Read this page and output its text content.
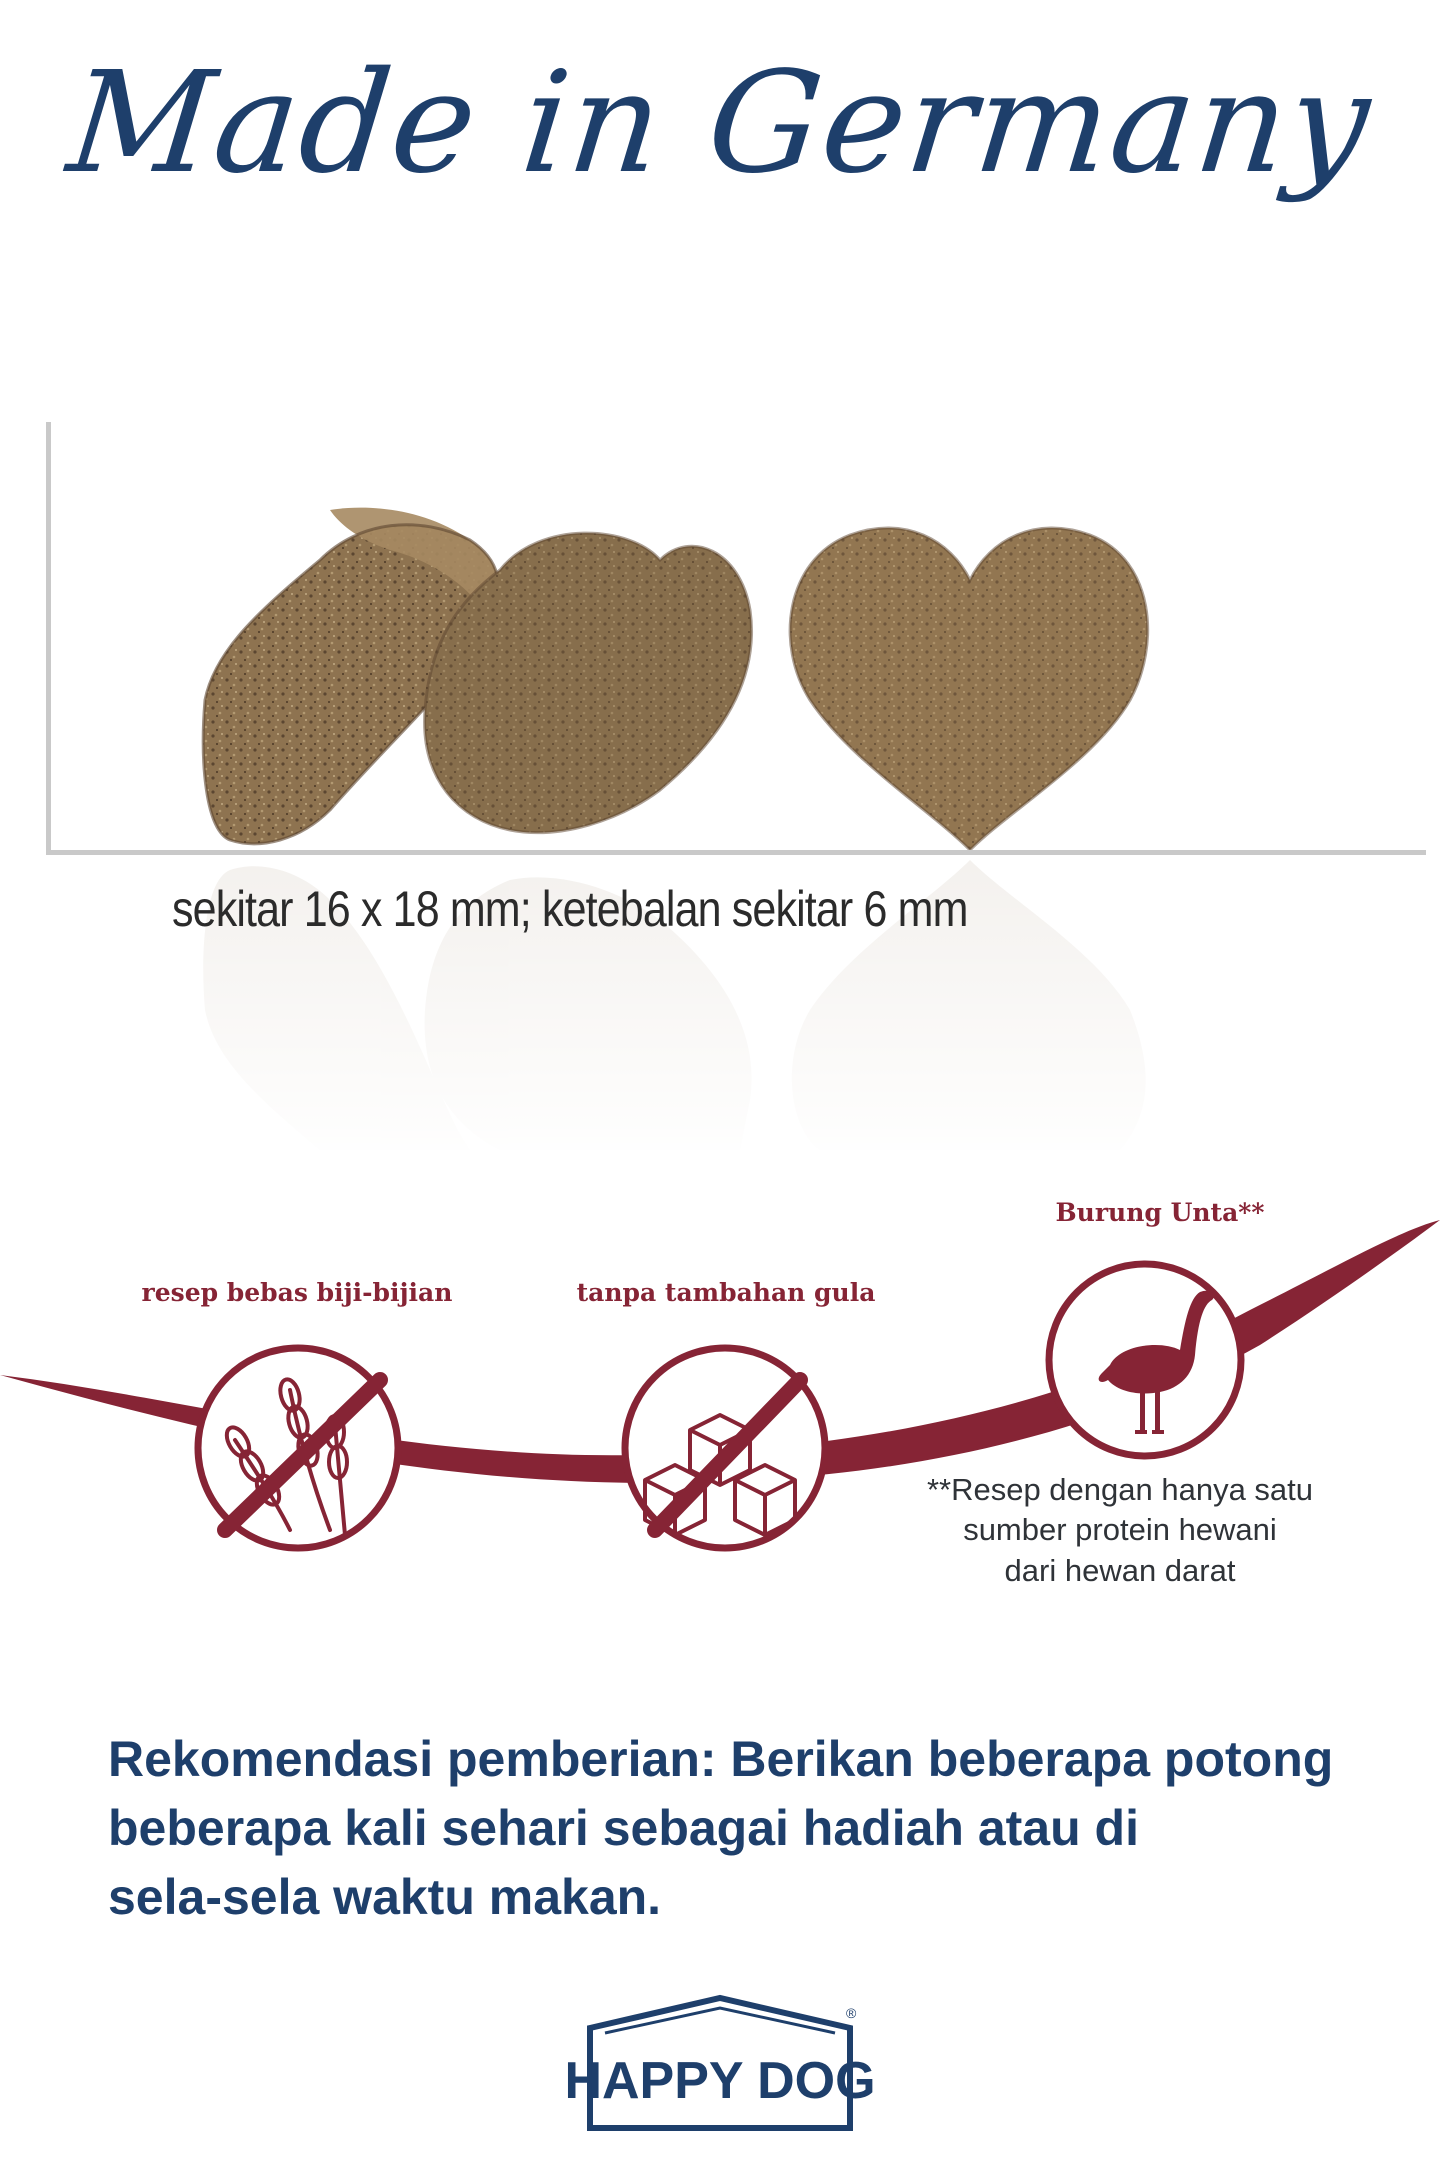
Made in Germany
sekitar 16 x 18 mm; ketebalan sekitar 6 mm
resep bebas biji-bijian	tanpa tambahan gula
Burung Unta**
**Resep dengan hanya satu
sumber protein hewani
dari hewan darat
Rekomendasi pemberian: Berikan beberapa potong
beberapa kali sehari sebagai hadiah atau di
sela-sela waktu makan.
HAPPY DOG
®
